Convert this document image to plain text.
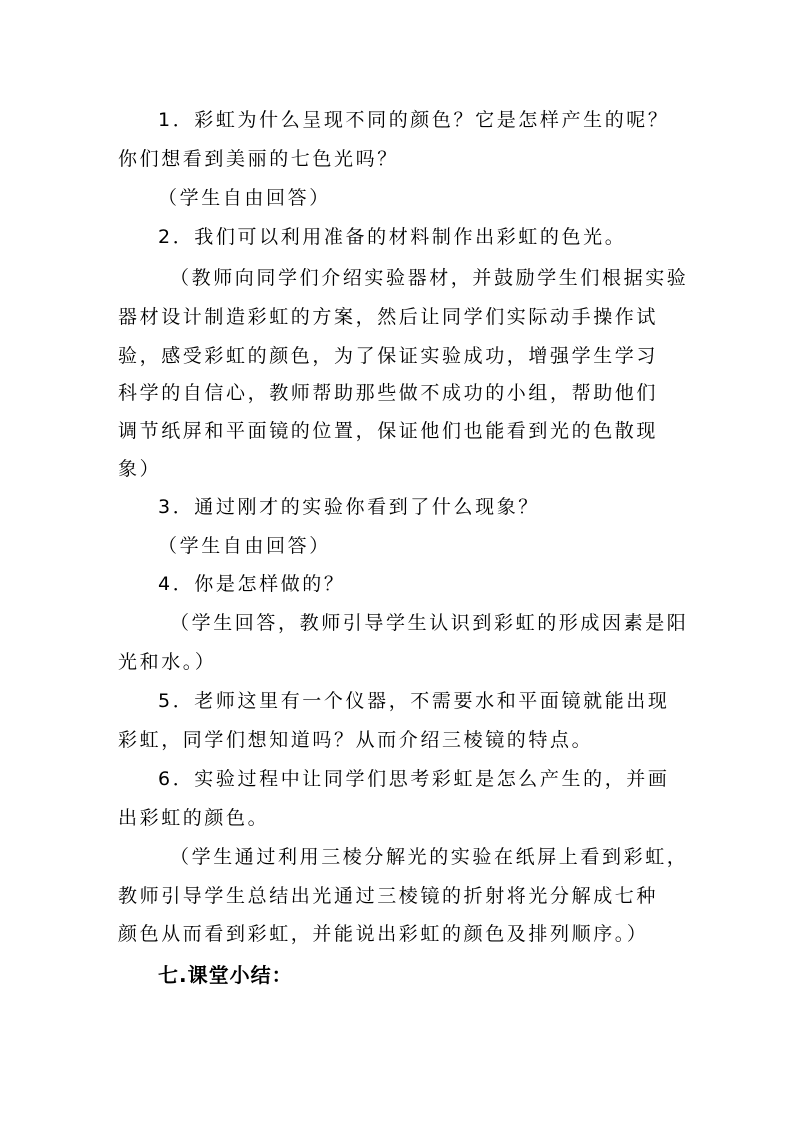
1．彩虹为什么呈现不同的颜色？它是怎样产生的呢？
你们想看到美丽的七色光吗？
（学生自由回答）
2．我们可以利用准备的材料制作出彩虹的色光。
（教师向同学们介绍实验器材，并鼓励学生们根据实验
器材设计制造彩虹的方案，然后让同学们实际动手操作试
验，感受彩虹的颜色，为了保证实验成功，增强学生学习
科学的自信心，教师帮助那些做不成功的小组，帮助他们
调节纸屏和平面镜的位置，保证他们也能看到光的色散现
象）
3．通过刚才的实验你看到了什么现象？
（学生自由回答）
4．你是怎样做的？
（学生回答，教师引导学生认识到彩虹的形成因素是阳
光和水。）
5．老师这里有一个仪器，不需要水和平面镜就能出现
彩虹，同学们想知道吗？从而介绍三棱镜的特点。
6．实验过程中让同学们思考彩虹是怎么产生的，并画
出彩虹的颜色。
（学生通过利用三棱分解光的实验在纸屏上看到彩虹，
教师引导学生总结出光通过三棱镜的折射将光分解成七种
颜色从而看到彩虹，并能说出彩虹的颜色及排列顺序。）
七.课堂小结：
